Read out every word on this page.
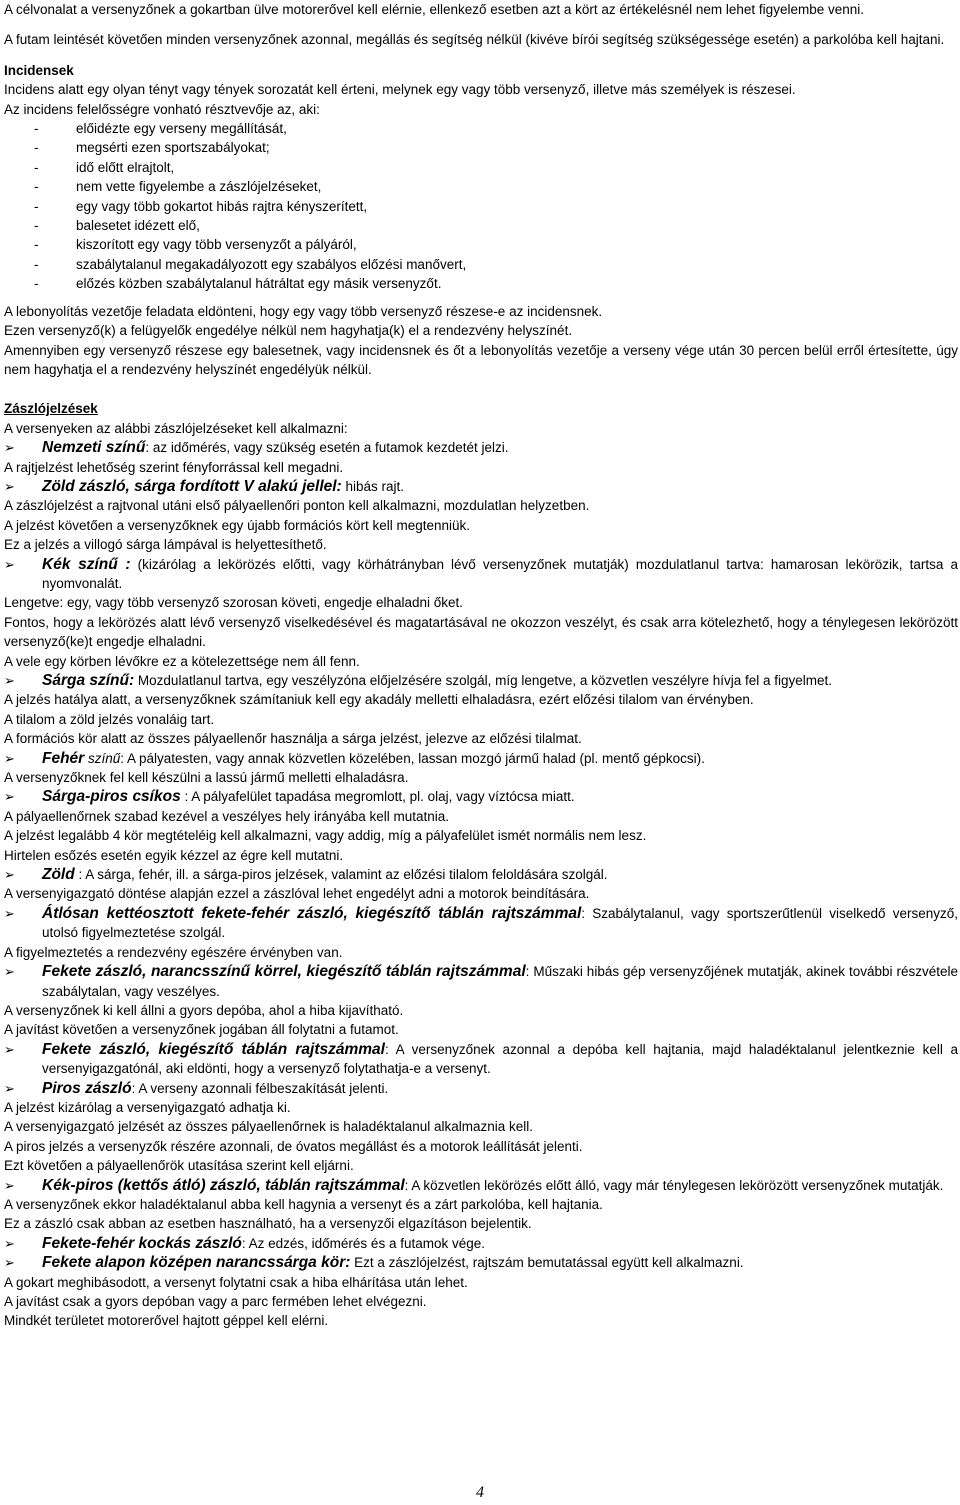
A célvonalat a versenyzőnek a gokartban ülve motorerővel kell elérnie, ellenkező esetben azt a kört az értékelésnél nem lehet figyelembe venni.

A futam leintését követően minden versenyzőnek azonnal, megállás és segítség nélkül (kivéve bírói segítség szükségessége esetén) a parkolóba kell hajtani.

Incidensek

Incidens alatt egy olyan tényt vagy tények sorozatát kell érteni, melynek egy vagy több versenyző, illetve más személyek is részesei.

Az incidens felelősségre vonható résztvevője az, aki:

-	előidézte egy verseny megállítását,
-	megsérti ezen sportszabályokat;
-	idő előtt elrajtolt,
-	nem vette figyelembe a zászlójelzéseket,
-	egy vagy több gokartot hibás rajtra kényszerített,
-	balesetet idézett elő,
-	kiszorított egy vagy több versenyzőt a pályáról,
-	szabálytalanul megakadályozott egy szabályos előzési manővert,
-	előzés közben szabálytalanul hátráltat egy másik versenyzőt.

A lebonyolítás vezetője feladata eldönteni, hogy egy vagy több versenyző részese-e az incidensnek.

Ezen versenyző(k) a felügyelők engedélye nélkül nem hagyhatja(k) el a rendezvény helyszínét.

Amennyiben egy versenyző részese egy balesetnek, vagy incidensnek és őt a lebonyolítás vezetője a verseny vége után 30 percen belül erről értesítette, úgy nem hagyhatja el a rendezvény helyszínét engedélyük nélkül.

Zászlójelzések

A versenyeken az alábbi zászlójelzéseket kell alkalmazni:

➢	Nemzeti színű: az időmérés, vagy szükség esetén a futamok kezdetét jelzi.

A rajtjelzést lehetőség szerint fényforrással kell megadni.

➢	Zöld zászló, sárga fordított V alakú jellel: hibás rajt.

A zászlójelzést a rajtvonal utáni első pályaellenőri ponton kell alkalmazni, mozdulatlan helyzetben.

A jelzést követően a versenyzőknek egy újabb formációs kört kell megtenniük.

Ez a jelzés a villogó sárga lámpával is helyettesíthető.

➢	Kék színű : (kizárólag a lekörözés előtti, vagy körhátrányban lévő versenyzőnek mutatják) mozdulatlanul tartva: hamarosan lekörözik, tartsa a nyomvonalát.

Lengetve: egy, vagy több versenyző szorosan követi, engedje elhaladni őket.

Fontos, hogy a lekörözés alatt lévő versenyző viselkedésével és magatartásával ne okozzon veszélyt, és csak arra kötelezhető, hogy a ténylegesen lekörözött versenyző(ke)t engedje elhaladni.

A vele egy körben lévőkre ez a kötelezettsége nem áll fenn.

➢	Sárga színű: Mozdulatlanul tartva, egy veszélyzóna előjelzésére szolgál, míg lengetve, a közvetlen veszélyre hívja fel a figyelmet.

A jelzés hatálya alatt, a versenyzőknek számítaniuk kell egy akadály melletti elhaladásra, ezért előzési tilalom van érvényben.

A tilalom a zöld jelzés vonaláig tart.

A formációs kör alatt az összes pályaellenőr használja a sárga jelzést, jelezve az előzési tilalmat.

➢	Fehér színű: A pályatesten, vagy annak közvetlen közelében, lassan mozgó jármű halad (pl. mentő gépkocsi).

A versenyzőknek fel kell készülni a lassú jármű melletti elhaladásra.

➢	Sárga-piros csíkos : A pályafelület tapadása megromlott, pl. olaj, vagy víztócsa miatt.

A pályaellenőrnek szabad kezével a veszélyes hely irányába kell mutatnia.

A jelzést legalább 4 kör megtételéig kell alkalmazni, vagy addig, míg a pályafelület ismét normális nem lesz.

Hirtelen esőzés esetén egyik kézzel az égre kell mutatni.

➢	Zöld : A sárga, fehér, ill. a sárga-piros jelzések, valamint az előzési tilalom feloldására szolgál.

A versenyigazgató döntése alapján ezzel a zászlóval lehet engedélyt adni a motorok beindítására.

➢	Átlósan kettéosztott fekete-fehér zászló, kiegészítő táblán rajtszámmal: Szabálytalanul, vagy sportszerűtlenül viselkedő versenyző, utolsó figyelmeztetése szolgál.

A figyelmeztetés a rendezvény egészére érvényben van.

➢	Fekete zászló, narancsszínű körrel, kiegészítő táblán rajtszámmal: Műszaki hibás gép versenyzőjének mutatják, akinek további részvétele szabálytalan, vagy veszélyes.

A versenyzőnek ki kell állni a gyors depóba, ahol a hiba kijavítható.

A javítást követően a versenyzőnek jogában áll folytatni a futamot.

➢	Fekete zászló, kiegészítő táblán rajtszámmal: A versenyzőnek azonnal a depóba kell hajtania, majd haladéktalanul jelentkeznie kell a versenyigazgatónál, aki eldönti, hogy a versenyző folytathatja-e a versenyt.

➢	Piros zászló: A verseny azonnali félbeszakítását jelenti.

A jelzést kizárólag a versenyigazgató adhatja ki.

A versenyigazgató jelzését az összes pályaellenőrnek is haladéktalanul alkalmaznia kell.

A piros jelzés a versenyzők részére azonnali, de óvatos megállást és a motorok leállítását jelenti.

Ezt követően a pályaellenőrök utasítása szerint kell eljárni.

➢	Kék-piros (kettős átló) zászló, táblán rajtszámmal: A közvetlen lekörözés előtt álló, vagy már ténylegesen lekörözött versenyzőnek mutatják.

A versenyzőnek ekkor haladéktalanul abba kell hagynia a versenyt és a zárt parkolóba, kell hajtania.

Ez a zászló csak abban az esetben használható, ha a versenyzői elgazításon bejelentik.

➢	Fekete-fehér kockás zászló: Az edzés, időmérés és a futamok vége.

➢	Fekete alapon középen narancssárga kör: Ezt a zászlójelzést, rajtszám bemutatással együtt kell alkalmazni.

A gokart meghibásodott, a versenyt folytatni csak a hiba elhárítása után lehet.

A javítást csak a gyors depóban vagy a parc fermében lehet elvégezni.

Mindkét területet motorerővel hajtott géppel kell elérni.

4
